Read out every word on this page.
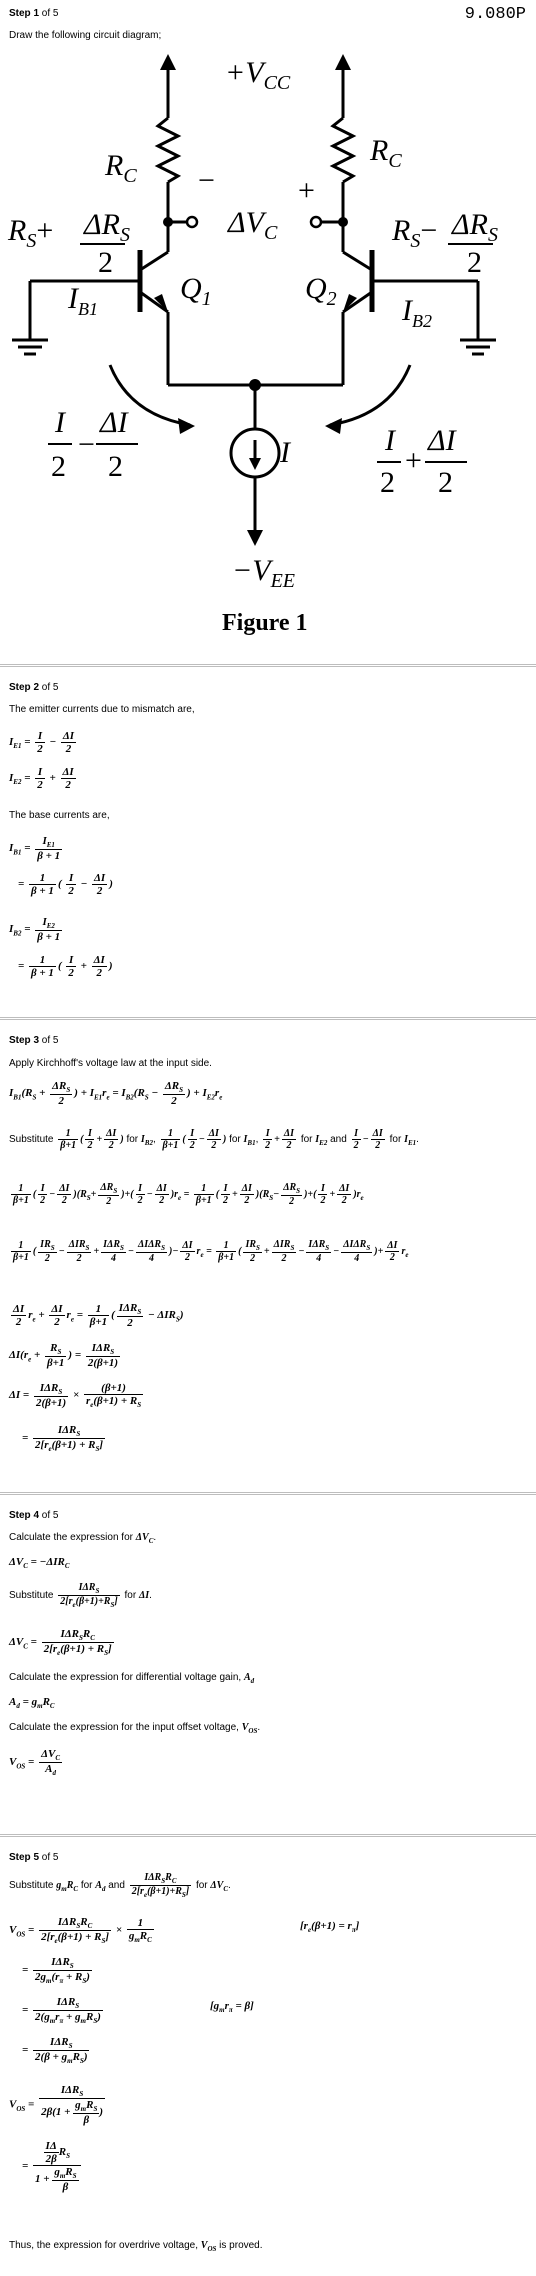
Step 1 of 5	9.080P
Draw the following circuit diagram;
$+V_{CC}$
$R_C$
$R_C$
−	+
$\Delta V_C$
$R_S+ \Delta R_S$
2
$R_S- \Delta R_S$
2
$Q_1$	$Q_2$
$I_{B1}$	$I_{B2}$
I
2
−
ΔI
2	I	I
2
+
ΔI
2
$-V_{EE}$
Figure 1
Step 2 of 5
The emitter currents due to mismatch are,
$I_{E1} = \frac{I}{2} - \frac{\Delta I}{2}$
$I_{E2} = \frac{I}{2} + \frac{\Delta I}{2}$
The base currents are,
$I_{B1} = \frac{I_{E1}}{\beta + 1}$
= $\frac{1}{\beta + 1}$ ( $\frac{I}{2} - \frac{\Delta I}{2}$ )
$I_{B2} = \frac{I_{E2}}{\beta + 1}$
= $\frac{1}{\beta + 1}$ ( $\frac{I}{2} + \frac{\Delta I}{2}$ )
Step 3 of 5
Apply Kirchhoff's voltage law at the input side.
$I_{B1}(R_S + \frac{\Delta R_S}{2}$ ) + $I_{E1}r_e = I_{B2}(R_S - \frac{\Delta R_S}{2}$ ) + $I_{E2}r_e$
Substitute $\frac{1}{\beta+1}$ ( $\frac{I}{2} + \frac{\Delta I}{2}$ ) for $I_{B2}$, $\frac{1}{\beta+1}$ ( $\frac{I}{2} - \frac{\Delta I}{2}$ ) for $I_{B1}$, $\frac{I}{2} + \frac{\Delta I}{2}$ for $I_{E2}$ and $\frac{I}{2} - \frac{\Delta I}{2}$ for $I_{E1}$.
$\frac{1}{\beta+1}$ ( $\frac{I}{2} - \frac{\Delta I}{2} )(R_S+ \frac{\Delta R_S}{2}$ )+( $\frac{I}{2} - \frac{\Delta I}{2} )r_e = \frac{1}{\beta+1}$ ( $\frac{I}{2} + \frac{\Delta I}{2} )(R_S- \frac{\Delta R_S}{2}$ )+( $\frac{I}{2} + \frac{\Delta I}{2} )r_e$
$\frac{1}{\beta+1}$ ( $\frac{IR_S}{2} - \frac{\Delta IR_S}{2} + \frac{I\Delta R_S}{4} - \frac{\Delta I\Delta R_S}{4}$ )− $\frac{\Delta I}{2} r_e = \frac{1}{\beta+1}$ ( $\frac{IR_S}{2} + \frac{\Delta IR_S}{2} - \frac{I\Delta R_S}{4} - \frac{\Delta I\Delta R_S}{4}$ )+ $\frac{\Delta I}{2} r_e$
$\frac{\Delta I}{2} r_e + \frac{\Delta I}{2} r_e = \frac{1}{\beta+1}$ ( $\frac{I\Delta R_S}{2} - \Delta IR_S$)
$\Delta I(r_e + \frac{R_S}{\beta+1}$ ) = $\frac{I\Delta R_S}{2(\beta+1)}$
$\Delta I = \frac{I\Delta R_S}{2(\beta+1)} \times \frac{(\beta+1)}{r_e(\beta+1) + R_S}$
= $\frac{I\Delta R_S}{2[r_e(\beta+1) + R_S]}$
Step 4 of 5
Calculate the expression for $\Delta V_C$.
$\Delta V_C = -\Delta IR_C$
Substitute $\frac{I\Delta R_S}{2[r_e(\beta+1)+R_S]}$ for ΔI.
$\Delta V_C = \frac{I\Delta R_SR_C}{2[r_e(\beta+1) + R_S]}$
Calculate the expression for differential voltage gain, $A_d$
$A_d = g_mR_C$
Calculate the expression for the input offset voltage, $V_{OS}$.
$V_{OS} = \frac{\Delta V_C}{A_d}$
Step 5 of 5
Substitute $g_mR_C$ for $A_d$ and $\frac{I\Delta R_SR_C}{2[r_e(\beta+1)+R_S]}$ for $\Delta V_C$.
$V_{OS} = \frac{I\Delta R_SR_C}{2[r_e(\beta+1) + R_S]} \times \frac{1}{g_mR_C}$	$[r_e(\beta+1) = r_\pi]$
= $\frac{I\Delta R_S}{2g_m(r_\pi + R_S)}$
= $\frac{I\Delta R_S}{2(g_mr_\pi + g_mR_S)}$	$[g_mr_\pi = \beta]$
= $\frac{I\Delta R_S}{2(\beta + g_mR_S)}$
$V_{OS} = \frac{I\Delta R_S}{2\beta(1 + \frac{g_mR_S}{\beta} )}$
= $\frac{\frac{I\Delta}{2\beta} R_S}{1 + \frac{g_mR_S}{\beta}}$
Thus, the expression for overdrive voltage, $V_{OS}$ is proved.
